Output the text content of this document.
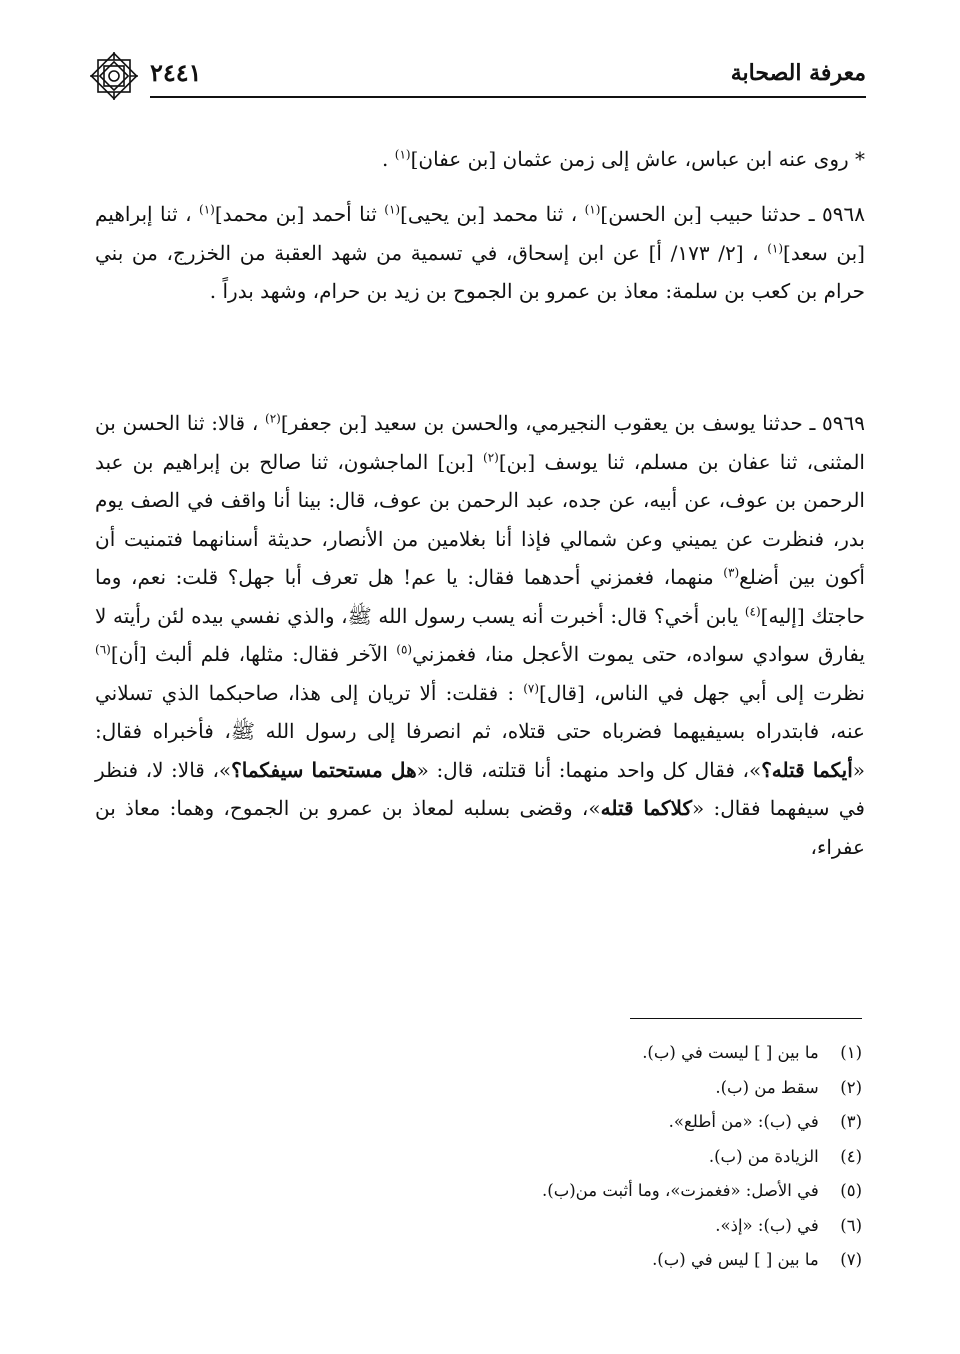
معرفة الصحابة
٢٤٤١

* روى عنه ابن عباس، عاش إلى زمن عثمان [بن عفان]$^{(١)}$ .

٥٩٦٨ ـ حدثنا حبيب [بن الحسن]$^{(١)}$ ، ثنا محمد [بن يحيى]$^{(١)}$ ثنا أحمد [بن محمد]$^{(١)}$ ، ثنا إبراهيم [بن سعد]$^{(١)}$ ، [٢/ ١٧٣/ أ] عن ابن إسحاق، في تسمية من شهد العقبة من الخزرج، من بني حرام بن كعب بن سلمة: معاذ بن عمرو بن الجموح بن زيد بن حرام، وشهد بدراً .

٥٩٦٩ ـ حدثنا يوسف بن يعقوب النجيرمي، والحسن بن سعيد [بن جعفر]$^{(٢)}$ ، قالا: ثنا الحسن بن المثنى، ثنا عفان بن مسلم، ثنا يوسف [بن]$^{(٢)}$ [بن] الماجشون، ثنا صالح بن إبراهيم بن عبد الرحمن بن عوف، عن أبيه، عن جده، عبد الرحمن بن عوف، قال: بينا أنا واقف في الصف يوم بدر، فنظرت عن يميني وعن شمالي فإذا أنا بغلامين من الأنصار، حديثة أسنانهما فتمنيت أن أكون بين أضلع$^{(٣)}$ منهما، فغمزني أحدهما فقال: يا عم! هل تعرف أبا جهل؟ قلت: نعم، وما حاجتك [إليه]$^{(٤)}$ يابن أخي؟ قال: أخبرت أنه يسب رسول الله ﷺ، والذي نفسي بيده لئن رأيته لا يفارق سوادي سواده، حتى يموت الأعجل منا، فغمزني$^{(٥)}$ الآخر فقال: مثلها، فلم ألبث [أن]$^{(٦)}$ نظرت إلى أبي جهل في الناس، [قال]$^{(٧)}$ : فقلت: ألا تريان إلى هذا، صاحبكما الذي تسلاني عنه، فابتدراه بسيفيهما فضرباه حتى قتلاه، ثم انصرفا إلى رسول الله ﷺ، فأخبراه فقال: «أيكما قتله؟»، فقال كل واحد منهما: أنا قتلته، قال: «هل مستحتما سيفكما؟»، قالا: لا، فنظر في سيفهما فقال: «كلاكما قتله»، وقضى بسلبه لمعاذ بن عمرو بن الجموح، وهما: معاذ بن عفراء،

(١) ما بين [ ] ليست في (ب).
(٢) سقط من (ب).
(٣) في (ب): «من أطلع».
(٤) الزيادة من (ب).
(٥) في الأصل: «فغمزت»، وما أثبت من(ب).
(٦) في (ب): «إذ».
(٧) ما بين [ ] ليس في (ب).
